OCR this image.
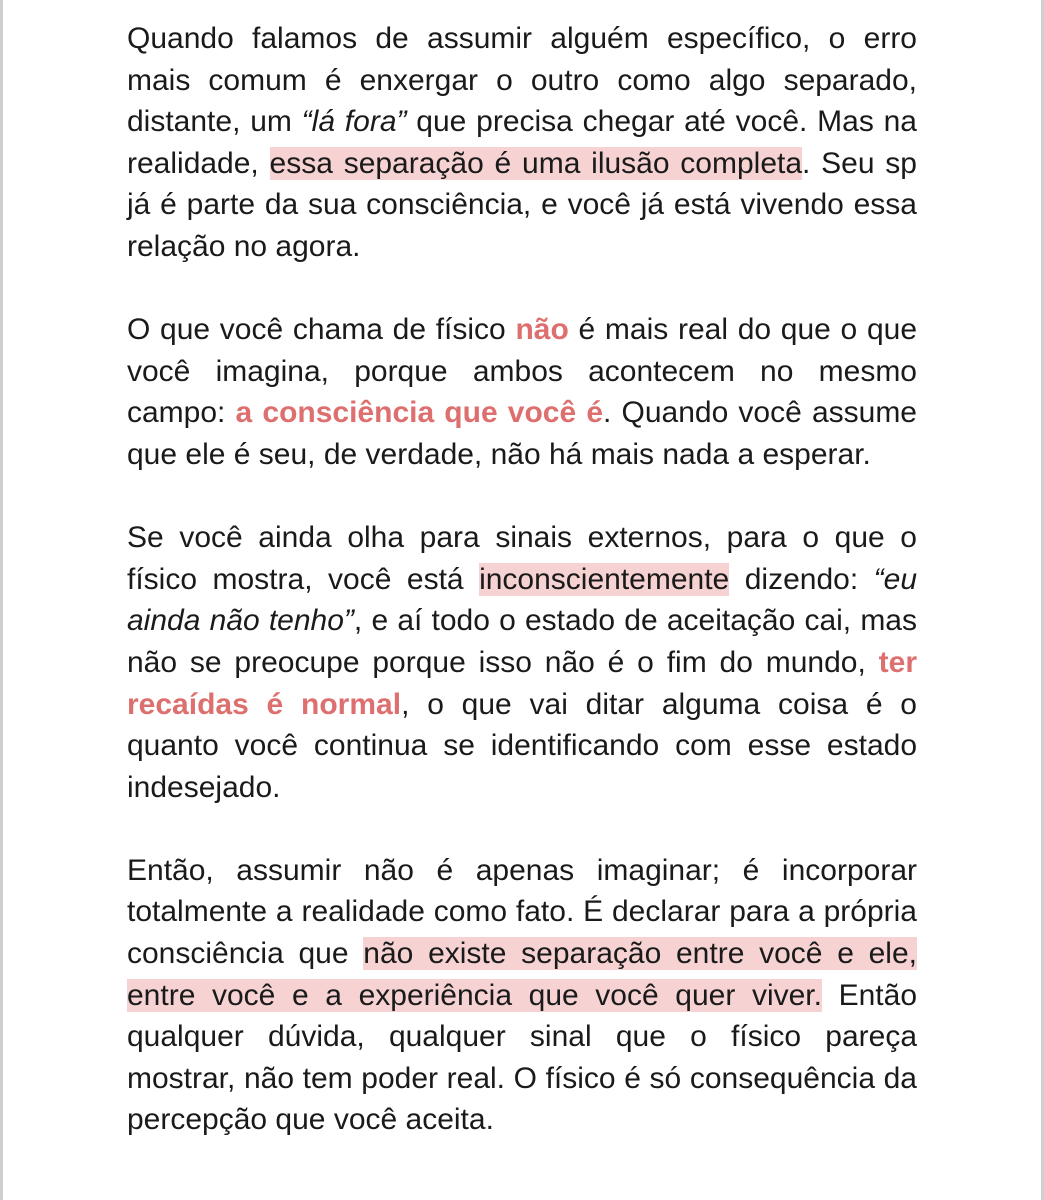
Quando falamos de assumir alguém específico, o erro mais comum é enxergar o outro como algo separado, distante, um “lá fora” que precisa chegar até você. Mas na realidade, essa separação é uma ilusão completa. Seu sp já é parte da sua consciência, e você já está vivendo essa relação no agora.

O que você chama de físico não é mais real do que o que você imagina, porque ambos acontecem no mesmo campo: a consciência que você é. Quando você assume que ele é seu, de verdade, não há mais nada a esperar.

Se você ainda olha para sinais externos, para o que o físico mostra, você está inconscientemente dizendo: “eu ainda não tenho”, e aí todo o estado de aceitação cai, mas não se preocupe porque isso não é o fim do mundo, ter recaídas é normal, o que vai ditar alguma coisa é o quanto você continua se identificando com esse estado indesejado.

Então, assumir não é apenas imaginar; é incorporar totalmente a realidade como fato. É declarar para a própria consciência que não existe separação entre você e ele, entre você e a experiência que você quer viver. Então qualquer dúvida, qualquer sinal que o físico pareça mostrar, não tem poder real. O físico é só consequência da percepção que você aceita.
